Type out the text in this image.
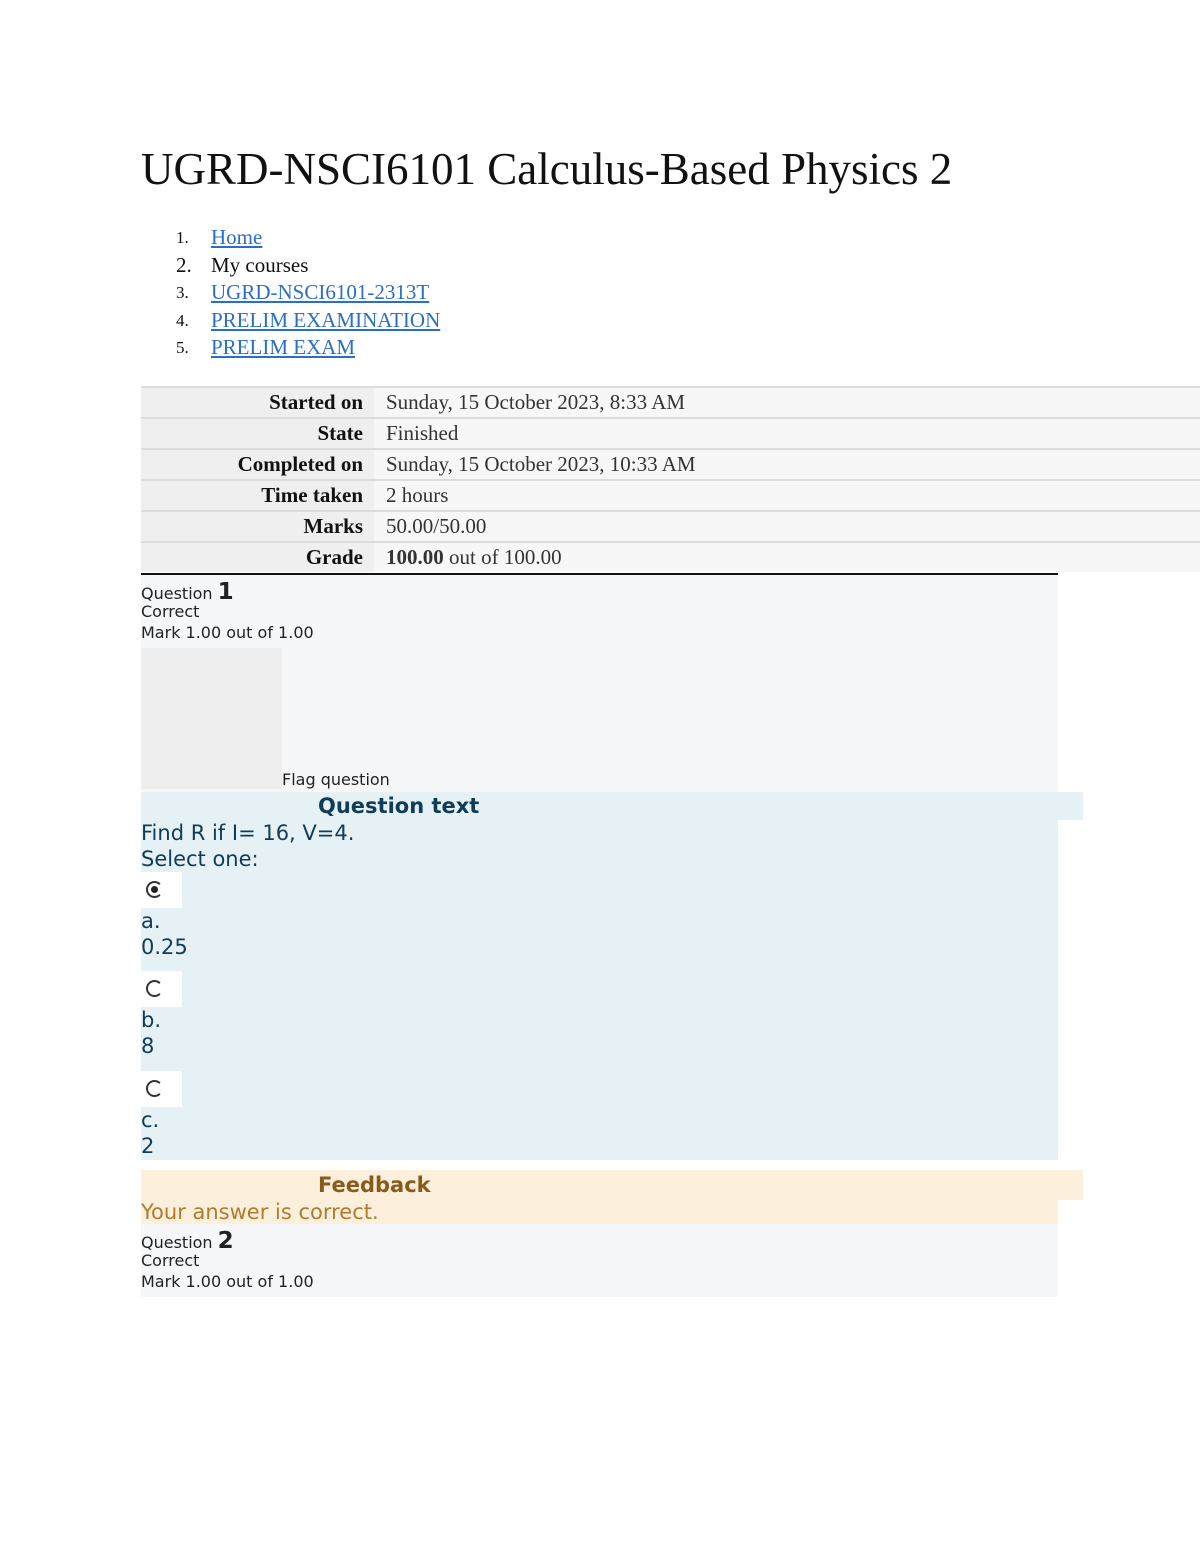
UGRD-NSCI6101 Calculus-Based Physics 2
1.	Home
2. My courses
3.	UGRD-NSCI6101-2313T
4.	PRELIM EXAMINATION
5.	PRELIM EXAM
Started on	Sunday, 15 October 2023, 8:33 AM
State	Finished
Completed on	Sunday, 15 October 2023, 10:33 AM
Time taken	2 hours
Marks	50.00/50.00
Grade	100.00 out of 100.00
Question 1
Correct
Mark 1.00 out of 1.00
Flag question
Question text
Find R if I= 16, V=4.
Select one:
a.
0.25
b.
8
c.
2
Feedback
Your answer is correct.
Question 2
Correct
Mark 1.00 out of 1.00
